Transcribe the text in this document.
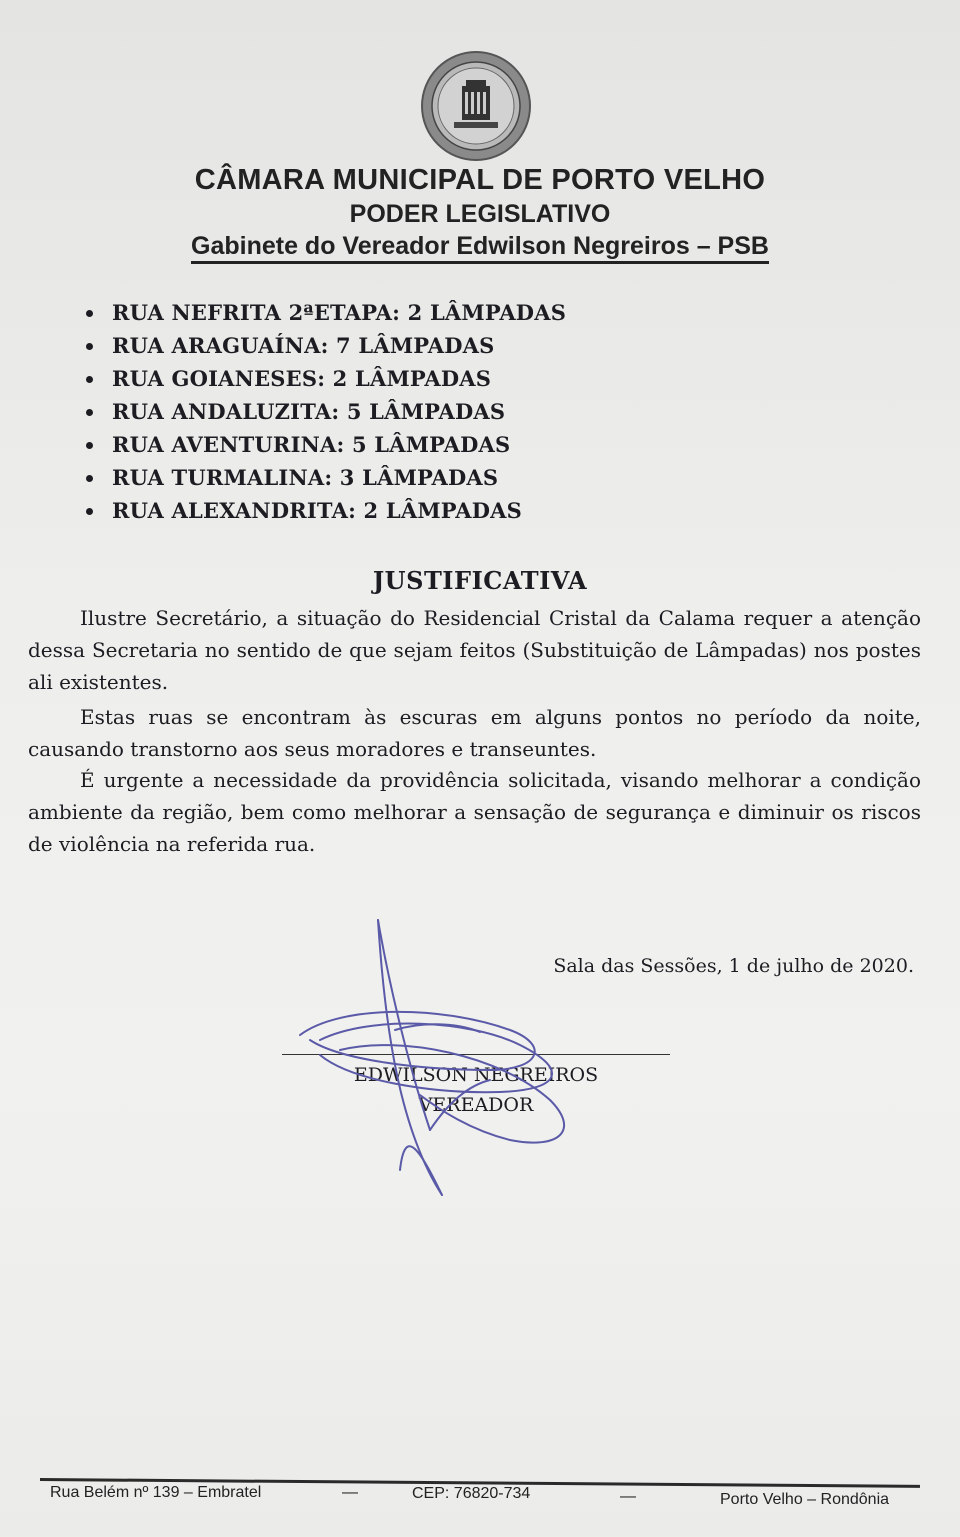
CÂMARA MUNICIPAL DE PORTO VELHO
PODER LEGISLATIVO
Gabinete do Vereador Edwilson Negreiros – PSB
RUA NEFRITA 2ªETAPA: 2 LÂMPADAS
RUA ARAGUAÍNA: 7 LÂMPADAS
RUA GOIANESES: 2 LÂMPADAS
RUA ANDALUZITA: 5 LÂMPADAS
RUA AVENTURINA: 5 LÂMPADAS
RUA TURMALINA: 3 LÂMPADAS
RUA ALEXANDRITA: 2 LÂMPADAS
JUSTIFICATIVA

Ilustre Secretário, a situação do Residencial Cristal da Calama requer a atenção dessa Secretaria no sentido de que sejam feitos (Substituição de Lâmpadas) nos postes ali existentes.

Estas ruas se encontram às escuras em alguns pontos no período da noite, causando transtorno aos seus moradores e transeuntes.

É urgente a necessidade da providência solicitada, visando melhorar a condição ambiente da região, bem como melhorar a sensação de segurança e diminuir os riscos de violência na referida rua.

Sala das Sessões, 1 de julho de 2020.
EDWILSON NEGREIROS
VEREADOR
Rua Belém nº 139 – Embratel	—	CEP: 76820-734	—	Porto Velho – Rondônia
